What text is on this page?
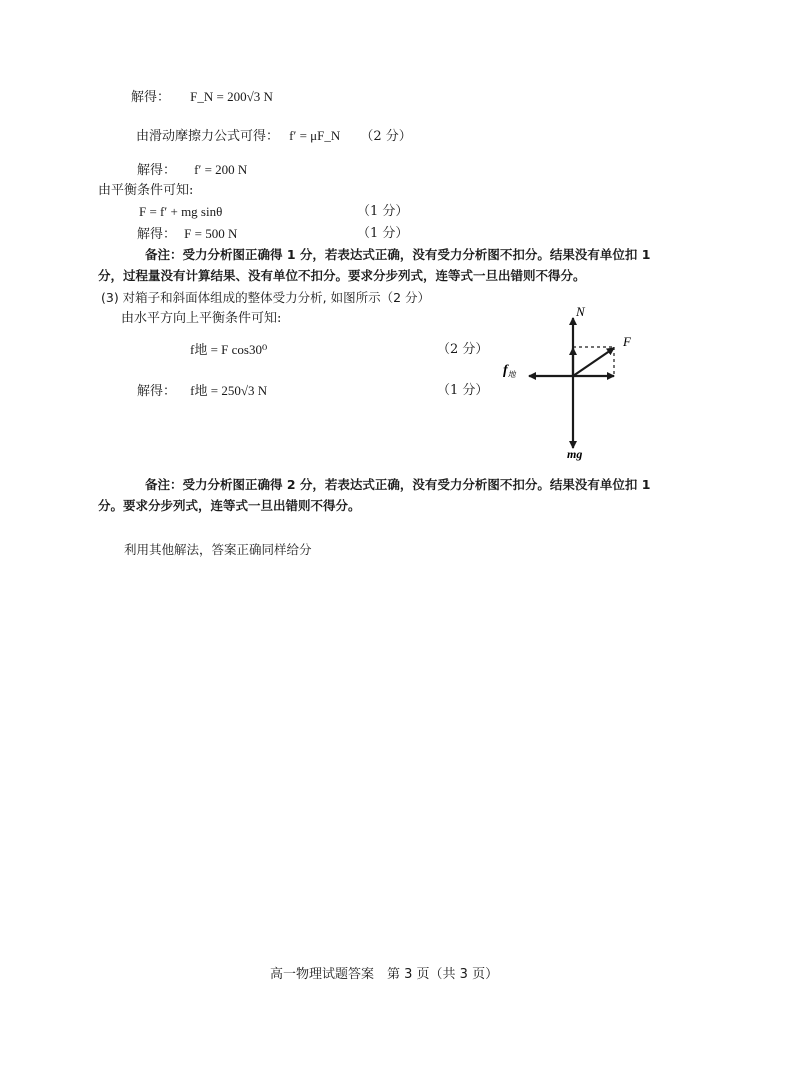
解得： F_N = 200√3 N
由滑动摩擦力公式可得： f′ = μF_N （2 分）
解得： f′ = 200 N
由平衡条件可知:
F = f′ + mg sinθ	（1 分）
解得： F = 500 N	（1 分）
备注：受力分析图正确得 1 分，若表达式正确，没有受力分析图不扣分。结果没有单位扣 1
分，过程量没有计算结果、没有单位不扣分。要求分步列式，连等式一旦出错则不得分。
(3) 对箱子和斜面体组成的整体受力分析, 如图所示（2 分）
由水平方向上平衡条件可知:
f地 = F cos30⁰	（2 分）
解得： f地 = 250√3 N	（1 分）
N
F
$f_地$
mg
备注：受力分析图正确得 2 分，若表达式正确，没有受力分析图不扣分。结果没有单位扣 1
分。要求分步列式，连等式一旦出错则不得分。
利用其他解法，答案正确同样给分
高一物理试题答案　第 3 页（共 3 页）
